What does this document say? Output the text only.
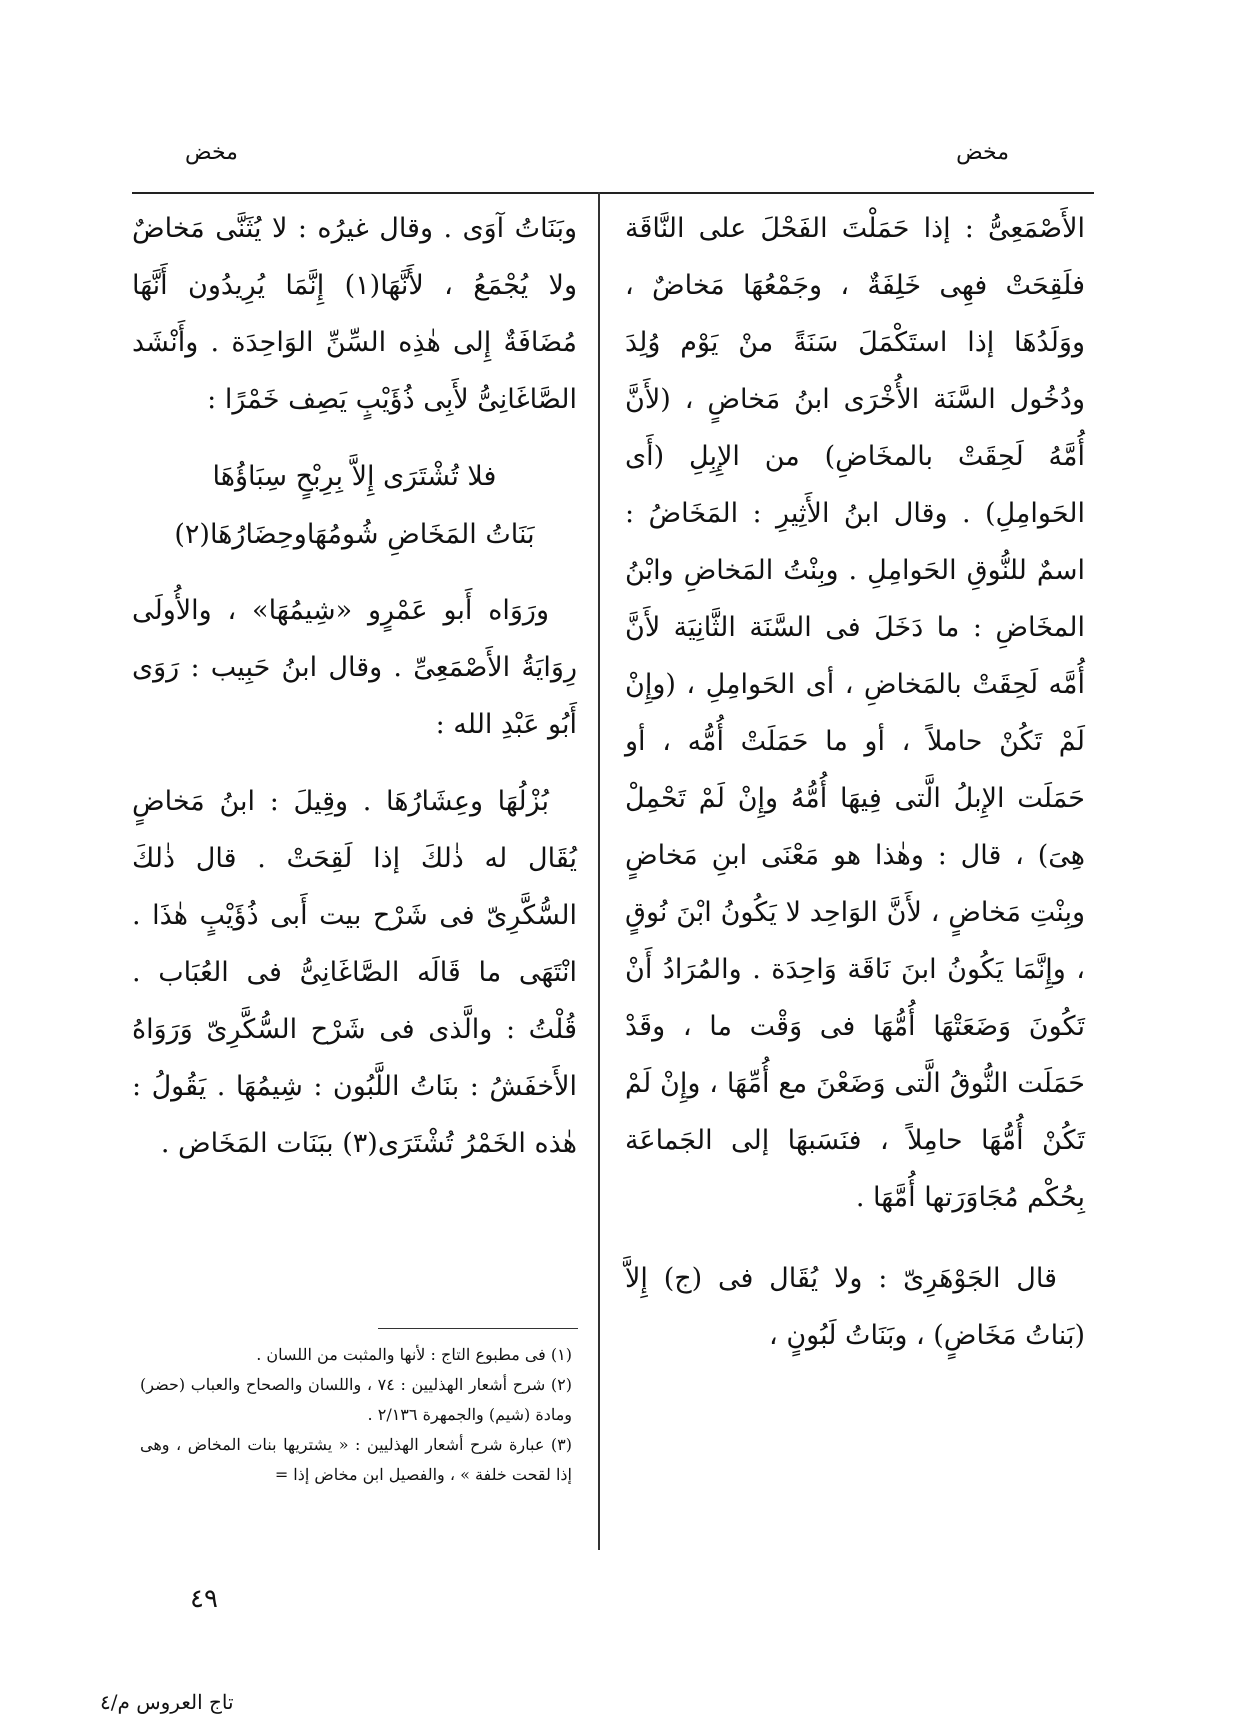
مخض
مخض

الأَصْمَعِىُّ : إذا حَمَلْتَ الفَحْلَ على النَّاقَة فلَقِحَتْ فهِى خَلِفَةٌ ، وجَمْعُهَا مَخاضٌ ، ووَلَدُهَا إذا استَكْمَلَ سَنَةً منْ يَوْم وُلِدَ ودُخُول السَّنَة الأُخْرَى ابنُ مَخاضٍ ، (لأَنَّ أُمَّهُ لَحِقَتْ بالمخَاضِ) من الإِبِلِ (أَى الحَوامِلِ) . وقال ابنُ الأَثِيرِ : المَخَاضُ : اسمٌ للنُّوقِ الحَوامِلِ . وبِنْتُ المَخاضِ وابْنُ المخَاضِ : ما دَخَلَ فى السَّنَة الثَّانِيَة لأَنَّ أُمَّه لَحِقَتْ بالمَخاضِ ، أى الحَوامِلِ ، (وإِنْ لَمْ تَكُنْ حاملاً ، أو ما حَمَلَتْ أُمُّه ، أو حَمَلَت الإِبلُ الَّتى فِيهَا أُمُّهُ وإِنْ لَمْ تَحْمِلْ هِىَ) ، قال : وهٰذا هو مَعْنَى ابنِ مَخاضٍ وبِنْتِ مَخاضٍ ، لأَنَّ الوَاحِد لا يَكُونُ ابْنَ نُوقٍ ، وإِنَّمَا يَكُونُ ابنَ نَاقَة وَاحِدَة . والمُرَادُ أَنْ تَكُونَ وَضَعَتْهَا أُمُّهَا فى وَقْت ما ، وقَدْ حَمَلَت النُّوقُ الَّتى وَضَعْنَ مع أُمِّهَا ، وإِنْ لَمْ تَكُنْ أُمُّهَا حامِلاً ، فنَسَبهَا إلى الجَماعَة بِحُكْم مُجَاوَرَتها أُمَّهَا .

قال الجَوْهَرِىّ : ولا يُقَال فى (ج) إِلاَّ (بَناتُ مَخَاضٍ) ، وبَنَاتُ لَبُونٍ ،

وبَنَاتُ آوَى . وقال غيرُه : لا يُثَنَّى مَخاضٌ ولا يُجْمَعُ ، لأَنَّهَا(١) إِنَّمَا يُرِيدُون أَنَّهَا مُضَافَةٌ إِلى هٰذِه السِّنِّ الوَاحِدَة . وأَنْشَد الصَّاغَانِىُّ لأَبِى ذُؤَيْبٍ يَصِف خَمْرًا :

فلا تُشْتَرَى إِلاَّ بِرِبْحٍ سِبَاؤُهَا
بَنَاتُ المَخَاضِ شُومُهَاوحِضَارُهَا(٢)

ورَوَاه أَبو عَمْرٍو «شِيمُهَا» ، والأُولَى رِوَايَةُ الأَصْمَعِىِّ . وقال ابنُ حَبِيب : رَوَى أَبُو عَبْدِ الله :

بُزْلُهَا وعِشَارُهَا . وقِيلَ : ابنُ مَخاضٍ يُقَال له ذٰلكَ إذا لَقِحَتْ . قال ذٰلكَ السُّكَّرِىّ فى شَرْح بيت أَبى ذُؤَيْبٍ هٰذَا . انْتَهَى ما قَالَه الصَّاغَانِىُّ فى العُبَاب . قُلْتُ : والَّذى فى شَرْح السُّكَّرِىّ وَرَوَاهُ الأَخفَشُ : بنَاتُ اللَّبُون : شِيمُهَا . يَقُولُ : هٰذه الخَمْرُ تُشْتَرَى(٣) ببَنَات المَخَاض .

(١) فى مطبوع التاج : لأنها والمثبت من اللسان .

(٢) شرح أشعار الهذليين : ٧٤ ، واللسان والصحاح والعباب (حضر) ومادة (شيم) والجمهرة ٢/١٣٦ .

(٣) عبارة شرح أشعار الهذليين : « يشتريها بنات المخاض ، وهى إذا لقحت خلفة » ، والفصيل ابن مخاض إذا =

٤٩
تاج العروس م/٤
